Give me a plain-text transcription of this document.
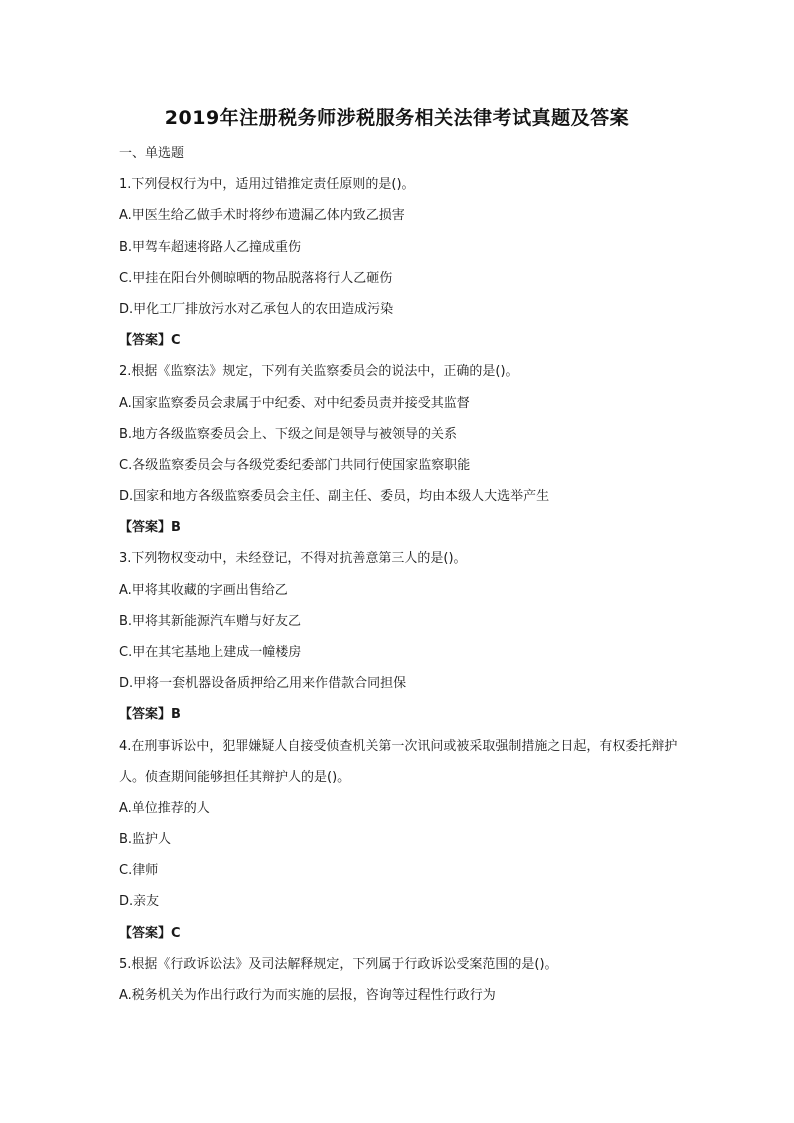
2019年注册税务师涉税服务相关法律考试真题及答案
一、单选题
1.下列侵权行为中，适用过错推定责任原则的是()。
A.甲医生给乙做手术时将纱布遗漏乙体内致乙损害
B.甲驾车超速将路人乙撞成重伤
C.甲挂在阳台外侧晾晒的物品脱落将行人乙砸伤
D.甲化工厂排放污水对乙承包人的农田造成污染
【答案】C
2.根据《监察法》规定，下列有关监察委员会的说法中，正确的是()。
A.国家监察委员会隶属于中纪委、对中纪委员责并接受其监督
B.地方各级监察委员会上、下级之间是领导与被领导的关系
C.各级监察委员会与各级党委纪委部门共同行使国家监察职能
D.国家和地方各级监察委员会主任、副主任、委员，均由本级人大选举产生
【答案】B
3.下列物权变动中，未经登记，不得对抗善意第三人的是()。
A.甲将其收藏的字画出售给乙
B.甲将其新能源汽车赠与好友乙
C.甲在其宅基地上建成一幢楼房
D.甲将一套机器设备质押给乙用来作借款合同担保
【答案】B
4.在刑事诉讼中，犯罪嫌疑人自接受侦查机关第一次讯问或被采取强制措施之日起，有权委托辩护人。侦查期间能够担任其辩护人的是()。
A.单位推荐的人
B.监护人
C.律师
D.亲友
【答案】C
5.根据《行政诉讼法》及司法解释规定，下列属于行政诉讼受案范围的是()。
A.税务机关为作出行政行为而实施的层报，咨询等过程性行政行为
